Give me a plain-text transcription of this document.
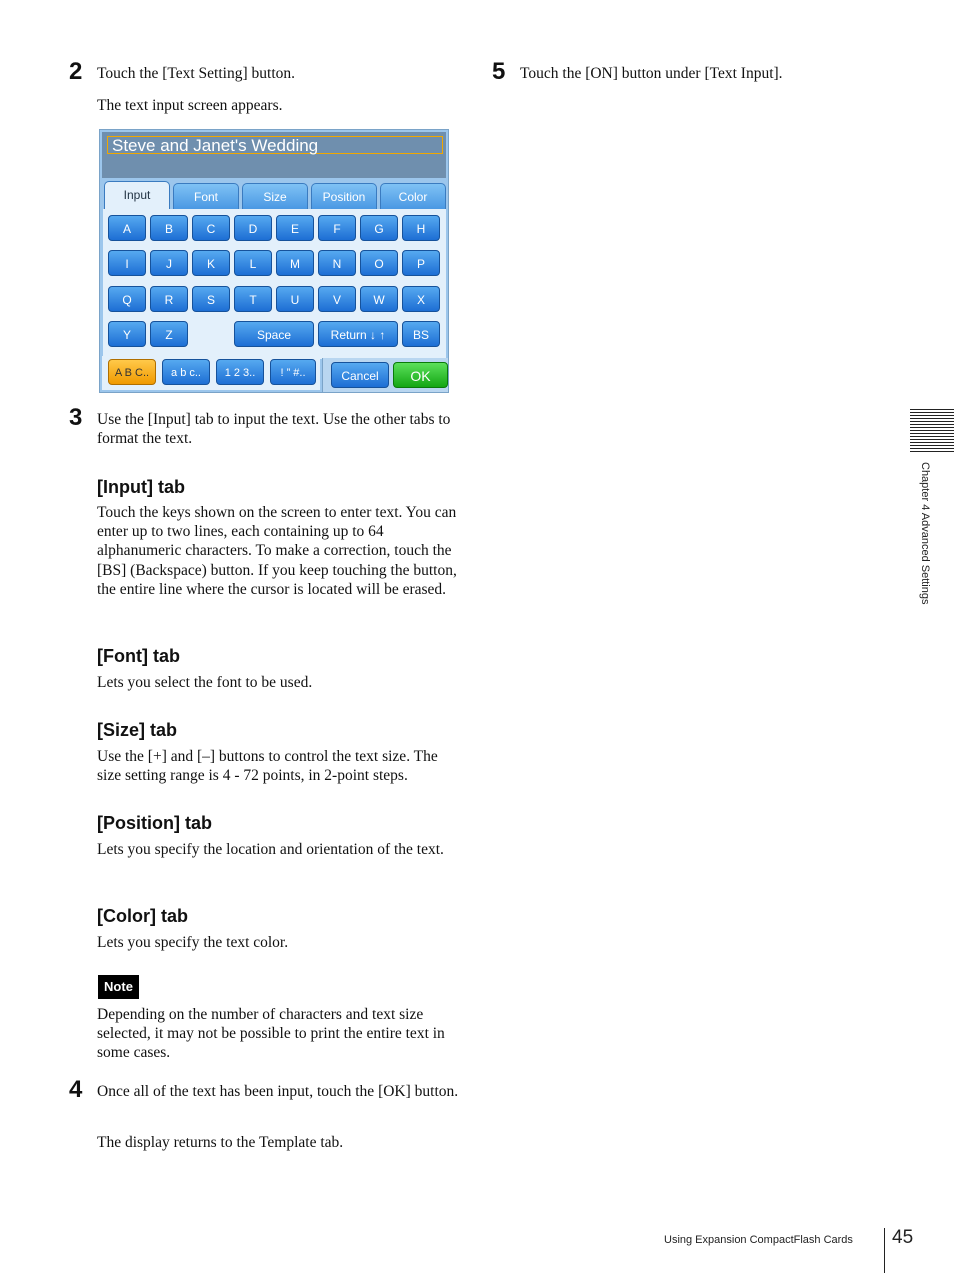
2 Touch the [Text Setting] button.
The text input screen appears.
Steve and Janet's Wedding
Input	Font	Size	Position	Color
A	B	C	D	E	F	G	H
I	J	K	L	M	N	O	P
Q	R	S	T	U	V	W	X
Y	Z	Space	Return ↓ ↑	BS
A B C..	a b c..	1 2 3..	! ” #..	Cancel	OK
3 Use the [Input] tab to input the text. Use the other tabs to format the text.
[Input] tab
Touch the keys shown on the screen to enter text. You can enter up to two lines, each containing up to 64 alphanumeric characters. To make a correction, touch the [BS] (Backspace) button. If you keep touching the button, the entire line where the cursor is located will be erased.
[Font] tab
Lets you select the font to be used.
[Size] tab
Use the [+] and [–] buttons to control the text size. The size setting range is 4 - 72 points, in 2-point steps.
[Position] tab
Lets you specify the location and orientation of the text.
[Color] tab
Lets you specify the text color.
Note
Depending on the number of characters and text size selected, it may not be possible to print the entire text in some cases.
4 Once all of the text has been input, touch the [OK] button.
The display returns to the Template tab.
5 Touch the [ON] button under [Text Input].
Chapter 4 Advanced Settings
Using Expansion CompactFlash Cards 45
